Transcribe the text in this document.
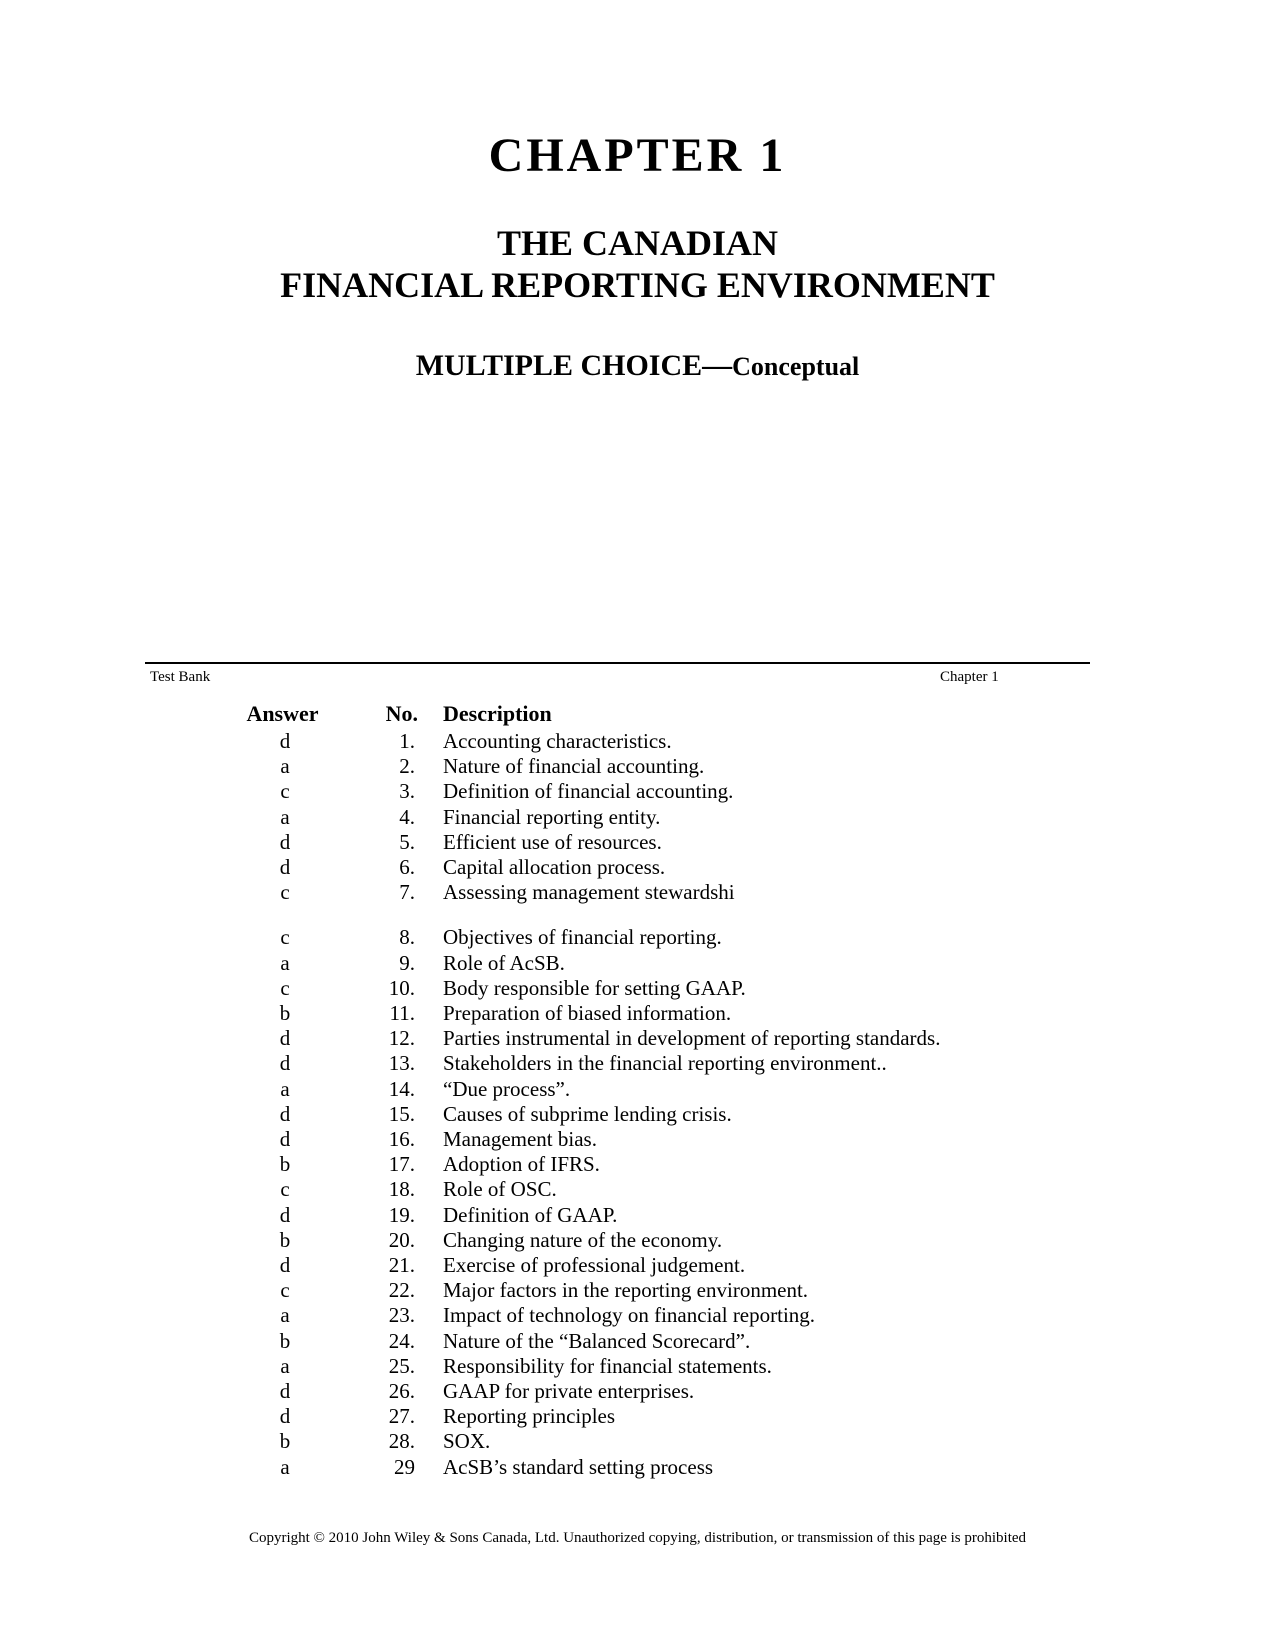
CHAPTER 1
THE CANADIAN
FINANCIAL REPORTING ENVIRONMENT
MULTIPLE CHOICE—Conceptual
Test Bank	Chapter 1
Answer	No. Description
d	1. Accounting characteristics.
a	2. Nature of financial accounting.
c	3. Definition of financial accounting.
a	4. Financial reporting entity.
d	5. Efficient use of resources.
d	6. Capital allocation process.
c	7. Assessing management stewardshi
c	8. Objectives of financial reporting.
a	9. Role of AcSB.
c	10. Body responsible for setting GAAP.
b	11. Preparation of biased information.
d	12. Parties instrumental in development of reporting standards.
d	13. Stakeholders in the financial reporting environment..
a	14. “Due process”.
d	15. Causes of subprime lending crisis.
d	16. Management bias.
b	17. Adoption of IFRS.
c	18. Role of OSC.
d	19. Definition of GAAP.
b	20. Changing nature of the economy.
d	21. Exercise of professional judgement.
c	22. Major factors in the reporting environment.
a	23. Impact of technology on financial reporting.
b	24. Nature of the “Balanced Scorecard”.
a	25. Responsibility for financial statements.
d	26. GAAP for private enterprises.
d	27. Reporting principles
b	28. SOX.
a	29 AcSB’s standard setting process
Copyright © 2010 John Wiley & Sons Canada, Ltd. Unauthorized copying, distribution, or transmission of this page is prohibited
